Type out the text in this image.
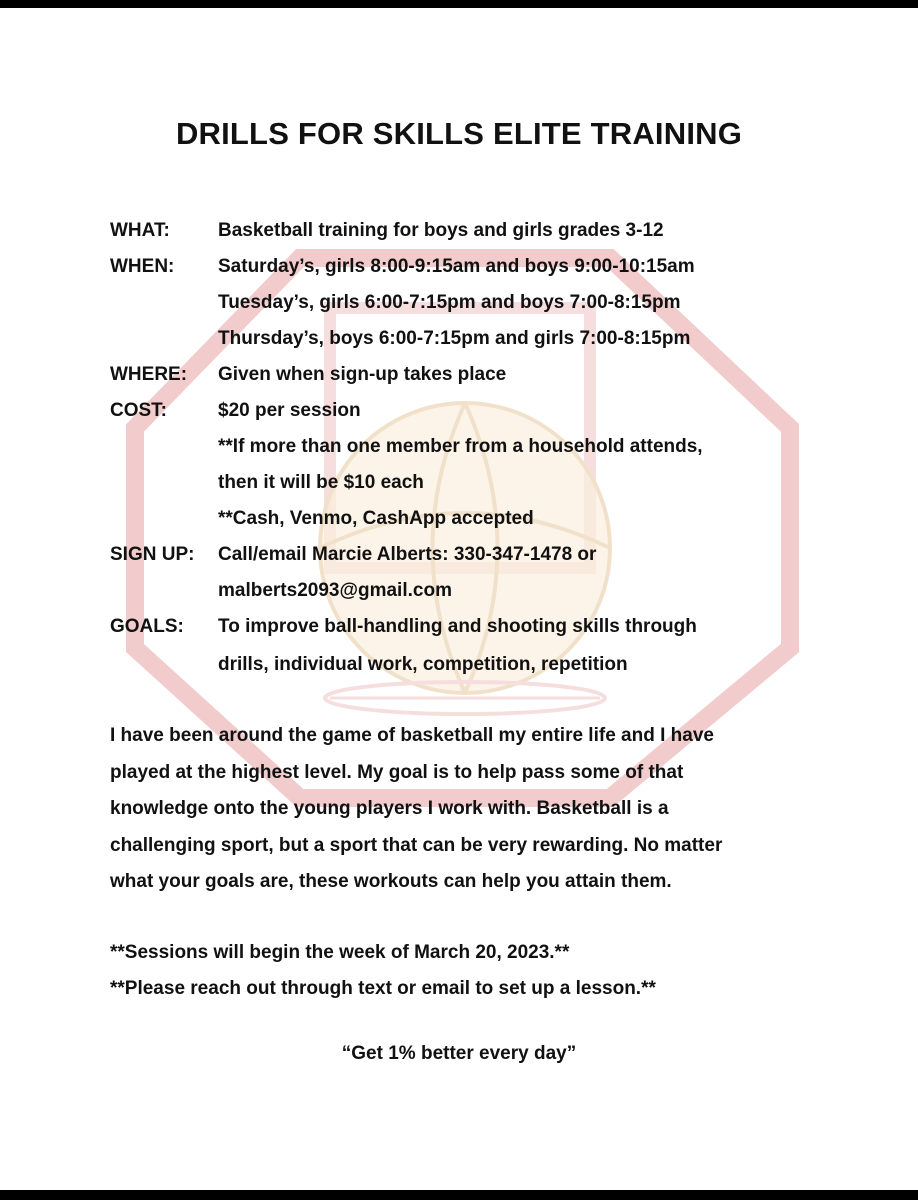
DRILLS FOR SKILLS ELITE TRAINING
WHAT:	Basketball training for boys and girls grades 3-12
WHEN: Saturday’s, girls 8:00-9:15am and boys 9:00-10:15am
Tuesday’s, girls 6:00-7:15pm and boys 7:00-8:15pm
Thursday’s, boys 6:00-7:15pm and girls 7:00-8:15pm
WHERE: Given when sign-up takes place
COST:	$20 per session
**If more than one member from a household attends,
then it will be $10 each
**Cash, Venmo, CashApp accepted
SIGN UP: Call/email Marcie Alberts: 330-347-1478 or
malberts2093@gmail.com
GOALS: To improve ball-handling and shooting skills through
drills, individual work, competition, repetition
I have been around the game of basketball my entire life and I have
played at the highest level. My goal is to help pass some of that
knowledge onto the young players I work with. Basketball is a
challenging sport, but a sport that can be very rewarding. No matter
what your goals are, these workouts can help you attain them.
**Sessions will begin the week of March 20, 2023.**
**Please reach out through text or email to set up a lesson.**
“Get 1% better every day”
